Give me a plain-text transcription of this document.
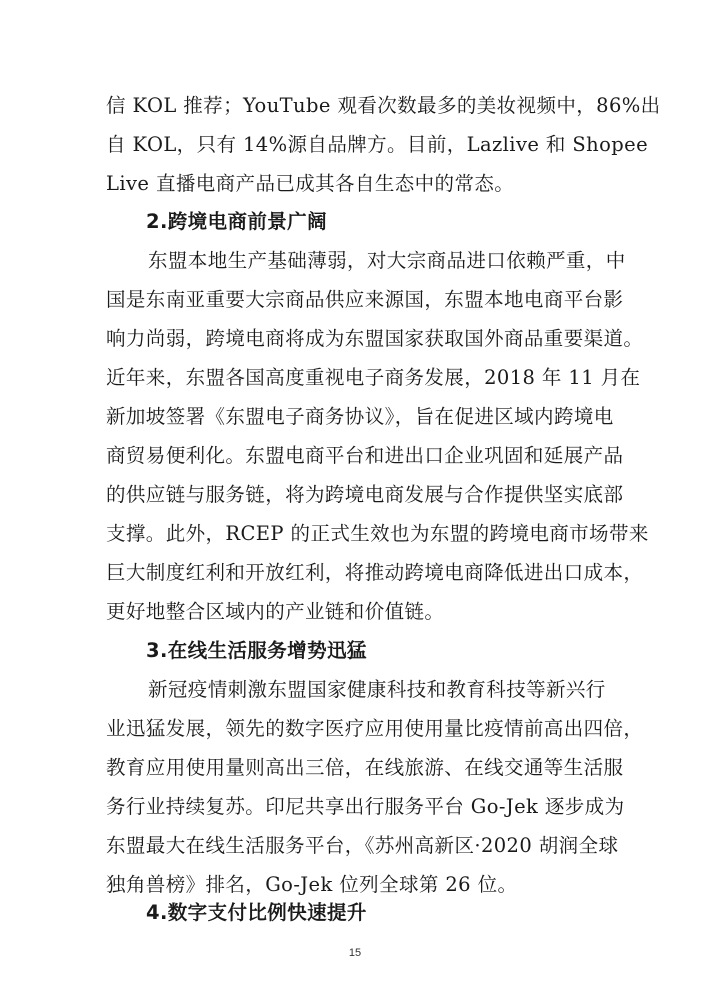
信 KOL 推荐；YouTube 观看次数最多的美妆视频中，86%出
自 KOL，只有 14%源自品牌方。目前，Lazlive 和 Shopee
Live 直播电商产品已成其各自生态中的常态。
2.跨境电商前景广阔
东盟本地生产基础薄弱，对大宗商品进口依赖严重，中
国是东南亚重要大宗商品供应来源国，东盟本地电商平台影
响力尚弱，跨境电商将成为东盟国家获取国外商品重要渠道。
近年来，东盟各国高度重视电子商务发展，2018 年 11 月在
新加坡签署《东盟电子商务协议》，旨在促进区域内跨境电
商贸易便利化。东盟电商平台和进出口企业巩固和延展产品
的供应链与服务链，将为跨境电商发展与合作提供坚实底部
支撑。此外，RCEP 的正式生效也为东盟的跨境电商市场带来
巨大制度红利和开放红利，将推动跨境电商降低进出口成本，
更好地整合区域内的产业链和价值链。
3.在线生活服务增势迅猛
新冠疫情刺激东盟国家健康科技和教育科技等新兴行
业迅猛发展，领先的数字医疗应用使用量比疫情前高出四倍，
教育应用使用量则高出三倍，在线旅游、在线交通等生活服
务行业持续复苏。印尼共享出行服务平台 Go-Jek 逐步成为
东盟最大在线生活服务平台，《苏州高新区·2020 胡润全球
独角兽榜》排名，Go-Jek 位列全球第 26 位。
4.数字支付比例快速提升
15
